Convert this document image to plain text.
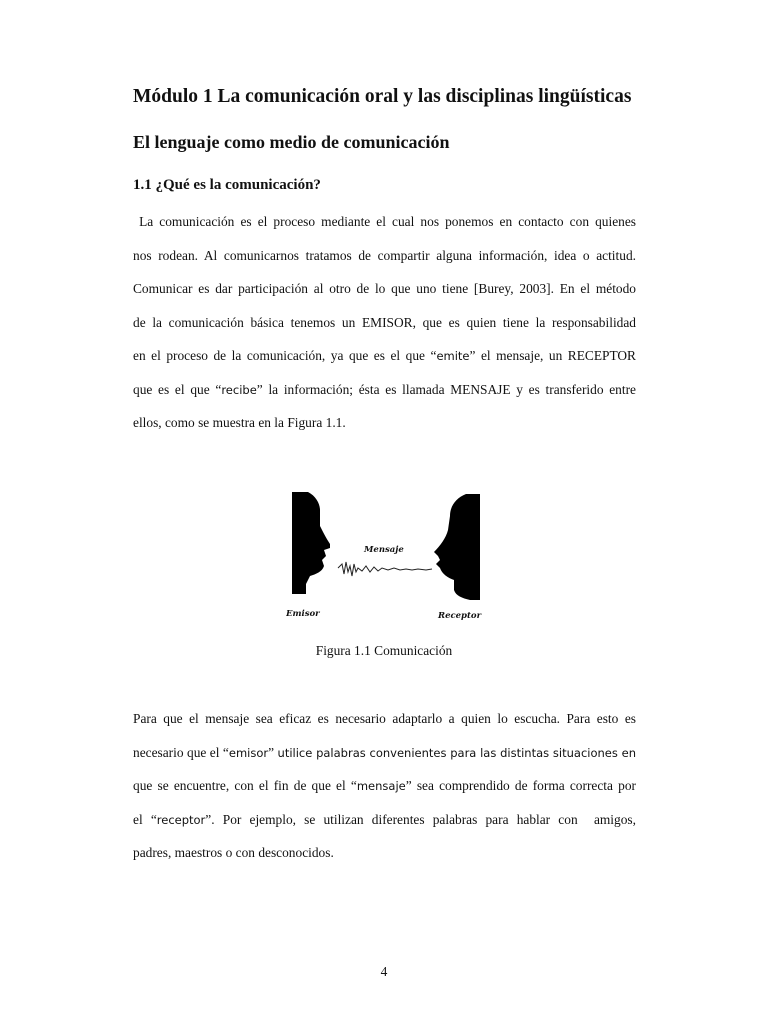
Módulo 1 La comunicación oral y las disciplinas lingüísticas
El lenguaje como medio de comunicación
1.1 ¿Qué es la comunicación?
La comunicación es el proceso mediante el cual nos ponemos en contacto con quienes
nos rodean. Al comunicarnos tratamos de compartir alguna información, idea o actitud.
Comunicar es dar participación al otro de lo que uno tiene [Burey, 2003]. En el método
de la comunicación básica tenemos un EMISOR, que es quien tiene la responsabilidad
en el proceso de la comunicación, ya que es el que “emite” el mensaje, un RECEPTOR
que es el que “recibe” la información; ésta es llamada MENSAJE y es transferido entre
ellos, como se muestra en la Figura 1.1.
Mensaje
Emisor	Receptor

Figura 1.1 Comunicación

Para que el mensaje sea eficaz es necesario adaptarlo a quien lo escucha. Para esto es
necesario que el “emisor” utilice palabras convenientes para las distintas situaciones en
que se encuentre, con el fin de que el “mensaje” sea comprendido de forma correcta por
el “receptor”. Por ejemplo, se utilizan diferentes palabras para hablar con  amigos,
padres, maestros o con desconocidos.

4
